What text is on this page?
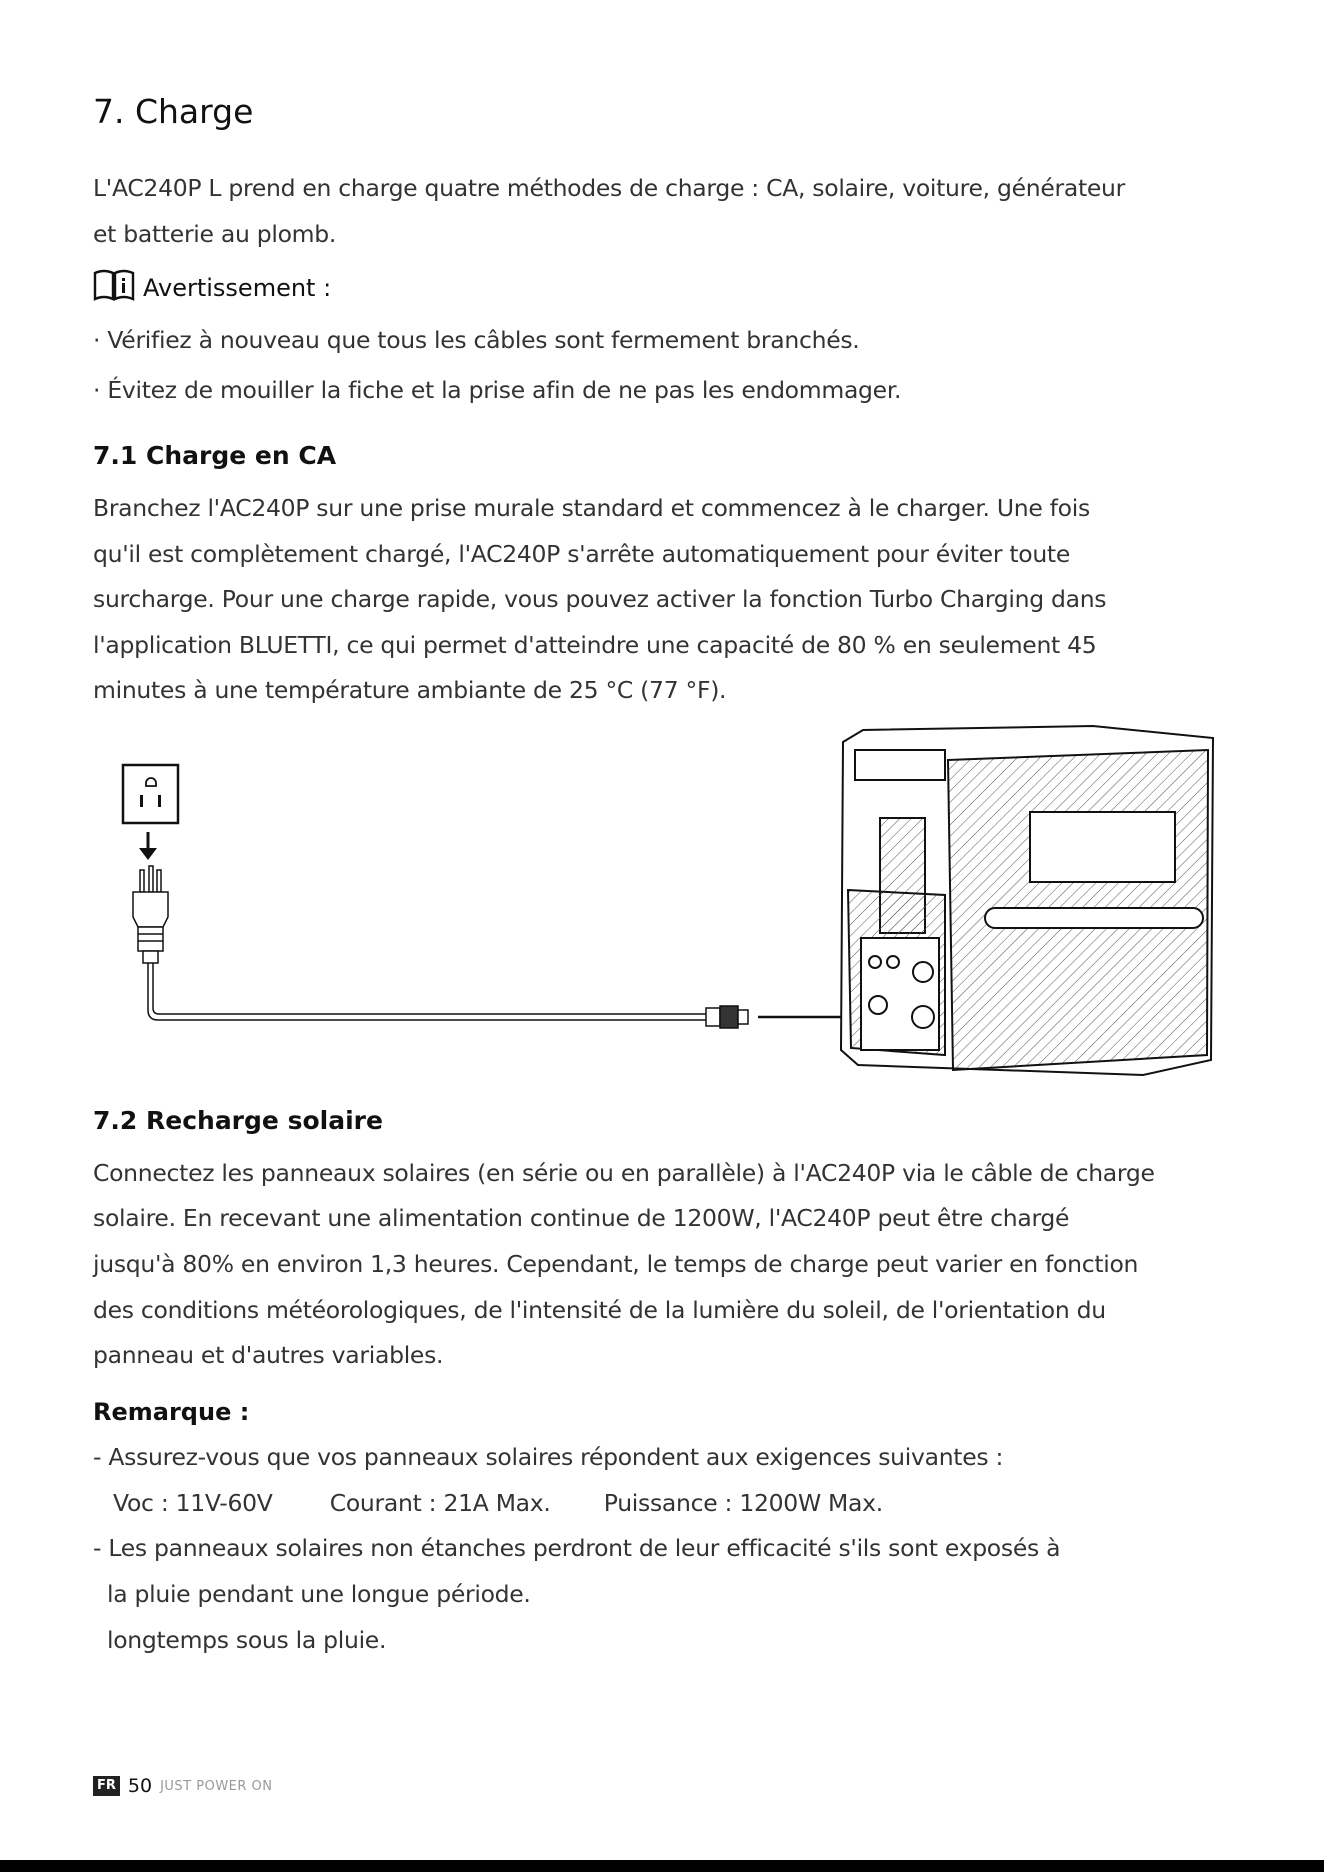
7. Charge

L'AC240P L prend en charge quatre méthodes de charge : CA, solaire, voiture, générateur

et batterie au plomb.

Avertissement :

· Vérifiez à nouveau que tous les câbles sont fermement branchés.

· Évitez de mouiller la fiche et la prise afin de ne pas les endommager.

7.1 Charge en CA

Branchez l'AC240P sur une prise murale standard et commencez à le charger. Une fois

qu'il est complètement chargé, l'AC240P s'arrête automatiquement pour éviter toute

surcharge. Pour une charge rapide, vous pouvez activer la fonction Turbo Charging dans

l'application BLUETTI, ce qui permet d'atteindre une capacité de 80 % en seulement 45

minutes à une température ambiante de 25 °C (77 °F).

7.2 Recharge solaire

Connectez les panneaux solaires (en série ou en parallèle) à l'AC240P via le câble de charge

solaire. En recevant une alimentation continue de 1200W, l'AC240P peut être chargé

jusqu'à 80% en environ 1,3 heures. Cependant, le temps de charge peut varier en fonction

des conditions météorologiques, de l'intensité de la lumière du soleil, de l'orientation du

panneau et d'autres variables.

Remarque :

- Assurez-vous que vos panneaux solaires répondent aux exigences suivantes :

Voc : 11V-60V Courant : 21A Max. Puissance : 1200W Max.

- Les panneaux solaires non étanches perdront de leur efficacité s'ils sont exposés à

la pluie pendant une longue période.

longtemps sous la pluie.

FR 50 JUST POWER ON
